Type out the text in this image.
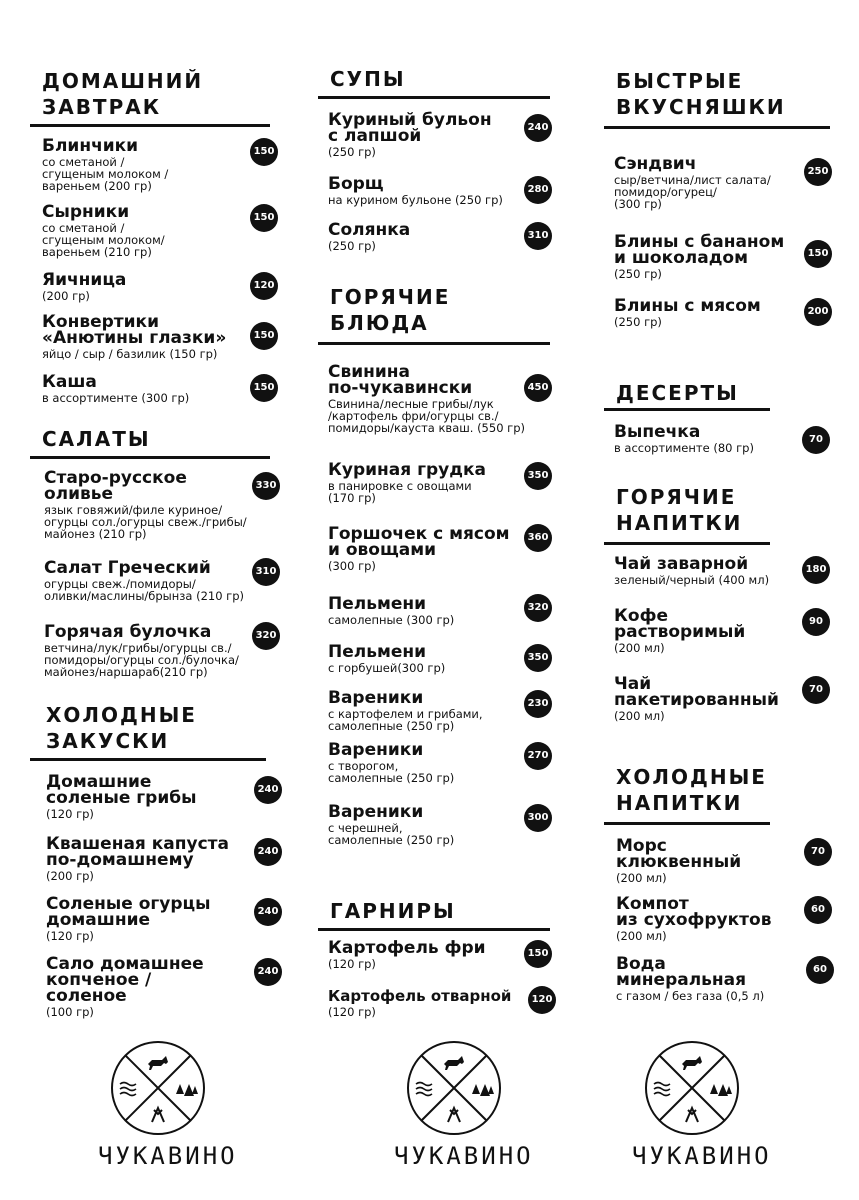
ДОМАШНИЙ
ЗАВТРАК
Блинчики
со сметаной /
сгущеным молоком /
вареньем (200 гр)
150
Сырники
со сметаной /
сгущеным молоком/
вареньем (210 гр)
150
Яичница
(200 гр)
120
Конвертики
«Анютины глазки»
яйцо / сыр / базилик (150 гр)
150
Каша
в ассортименте (300 гр)
150
САЛАТЫ
Старо-русское
оливье
язык говяжий/филе куриное/
огурцы сол./огурцы свеж./грибы/
майонез (210 гр)
330
Салат Греческий
огурцы свеж./помидоры/
оливки/маслины/брынза (210 гр)
310
Горячая булочка
ветчина/лук/грибы/огурцы св./
помидоры/огурцы сол./булочка/
майонез/наршараб(210 гр)
320
ХОЛОДНЫЕ
ЗАКУСКИ
Домашние
соленые грибы
(120 гр)
240
Квашеная капуста
по-домашнему
(200 гр)
240
Соленые огурцы
домашние
(120 гр)
240
Сало домашнее
копченое /
соленое
(100 гр)
240
ЧУКАВИНО
СУПЫ
Куриный бульон
с лапшой
(250 гр)
240
Борщ
на курином бульоне (250 гр)
280
Солянка
(250 гр)
310
ГОРЯЧИЕ
БЛЮДА
Свинина
по-чукавински
Свинина/лесные грибы/лук
/картофель фри/огурцы св./
помидоры/кауста кваш. (550 гр)
450
Куриная грудка
в панировке с овощами
(170 гр)
350
Горшочек с мясом
и овощами
(300 гр)
360
Пельмени
самолепные (300 гр)
320
Пельмени
с горбушей(300 гр)
350
Вареники
с картофелем и грибами,
самолепные (250 гр)
230
Вареники
с творогом,
самолепные (250 гр)
270
Вареники
с черешней,
самолепные (250 гр)
300
ГАРНИРЫ
Картофель фри
(120 гр)
150
Картофель отварной
(120 гр)
120
ЧУКАВИНО
БЫСТРЫЕ
ВКУСНЯШКИ
Сэндвич
сыр/ветчина/лист салата/
помидор/огурец/
(300 гр)
250
Блины с бананом
и шоколадом
(250 гр)
150
Блины с мясом
(250 гр)
200
ДЕСЕРТЫ
Выпечка
в ассортименте (80 гр)
70
ГОРЯЧИЕ
НАПИТКИ
Чай заварной
зеленый/черный (400 мл)
180
Кофе
растворимый
(200 мл)
90
Чай
пакетированный
(200 мл)
70
ХОЛОДНЫЕ
НАПИТКИ
Морс
клюквенный
(200 мл)
70
Компот
из сухофруктов
(200 мл)
60
Вода
минеральная
с газом / без газа (0,5 л)
60
ЧУКАВИНО
